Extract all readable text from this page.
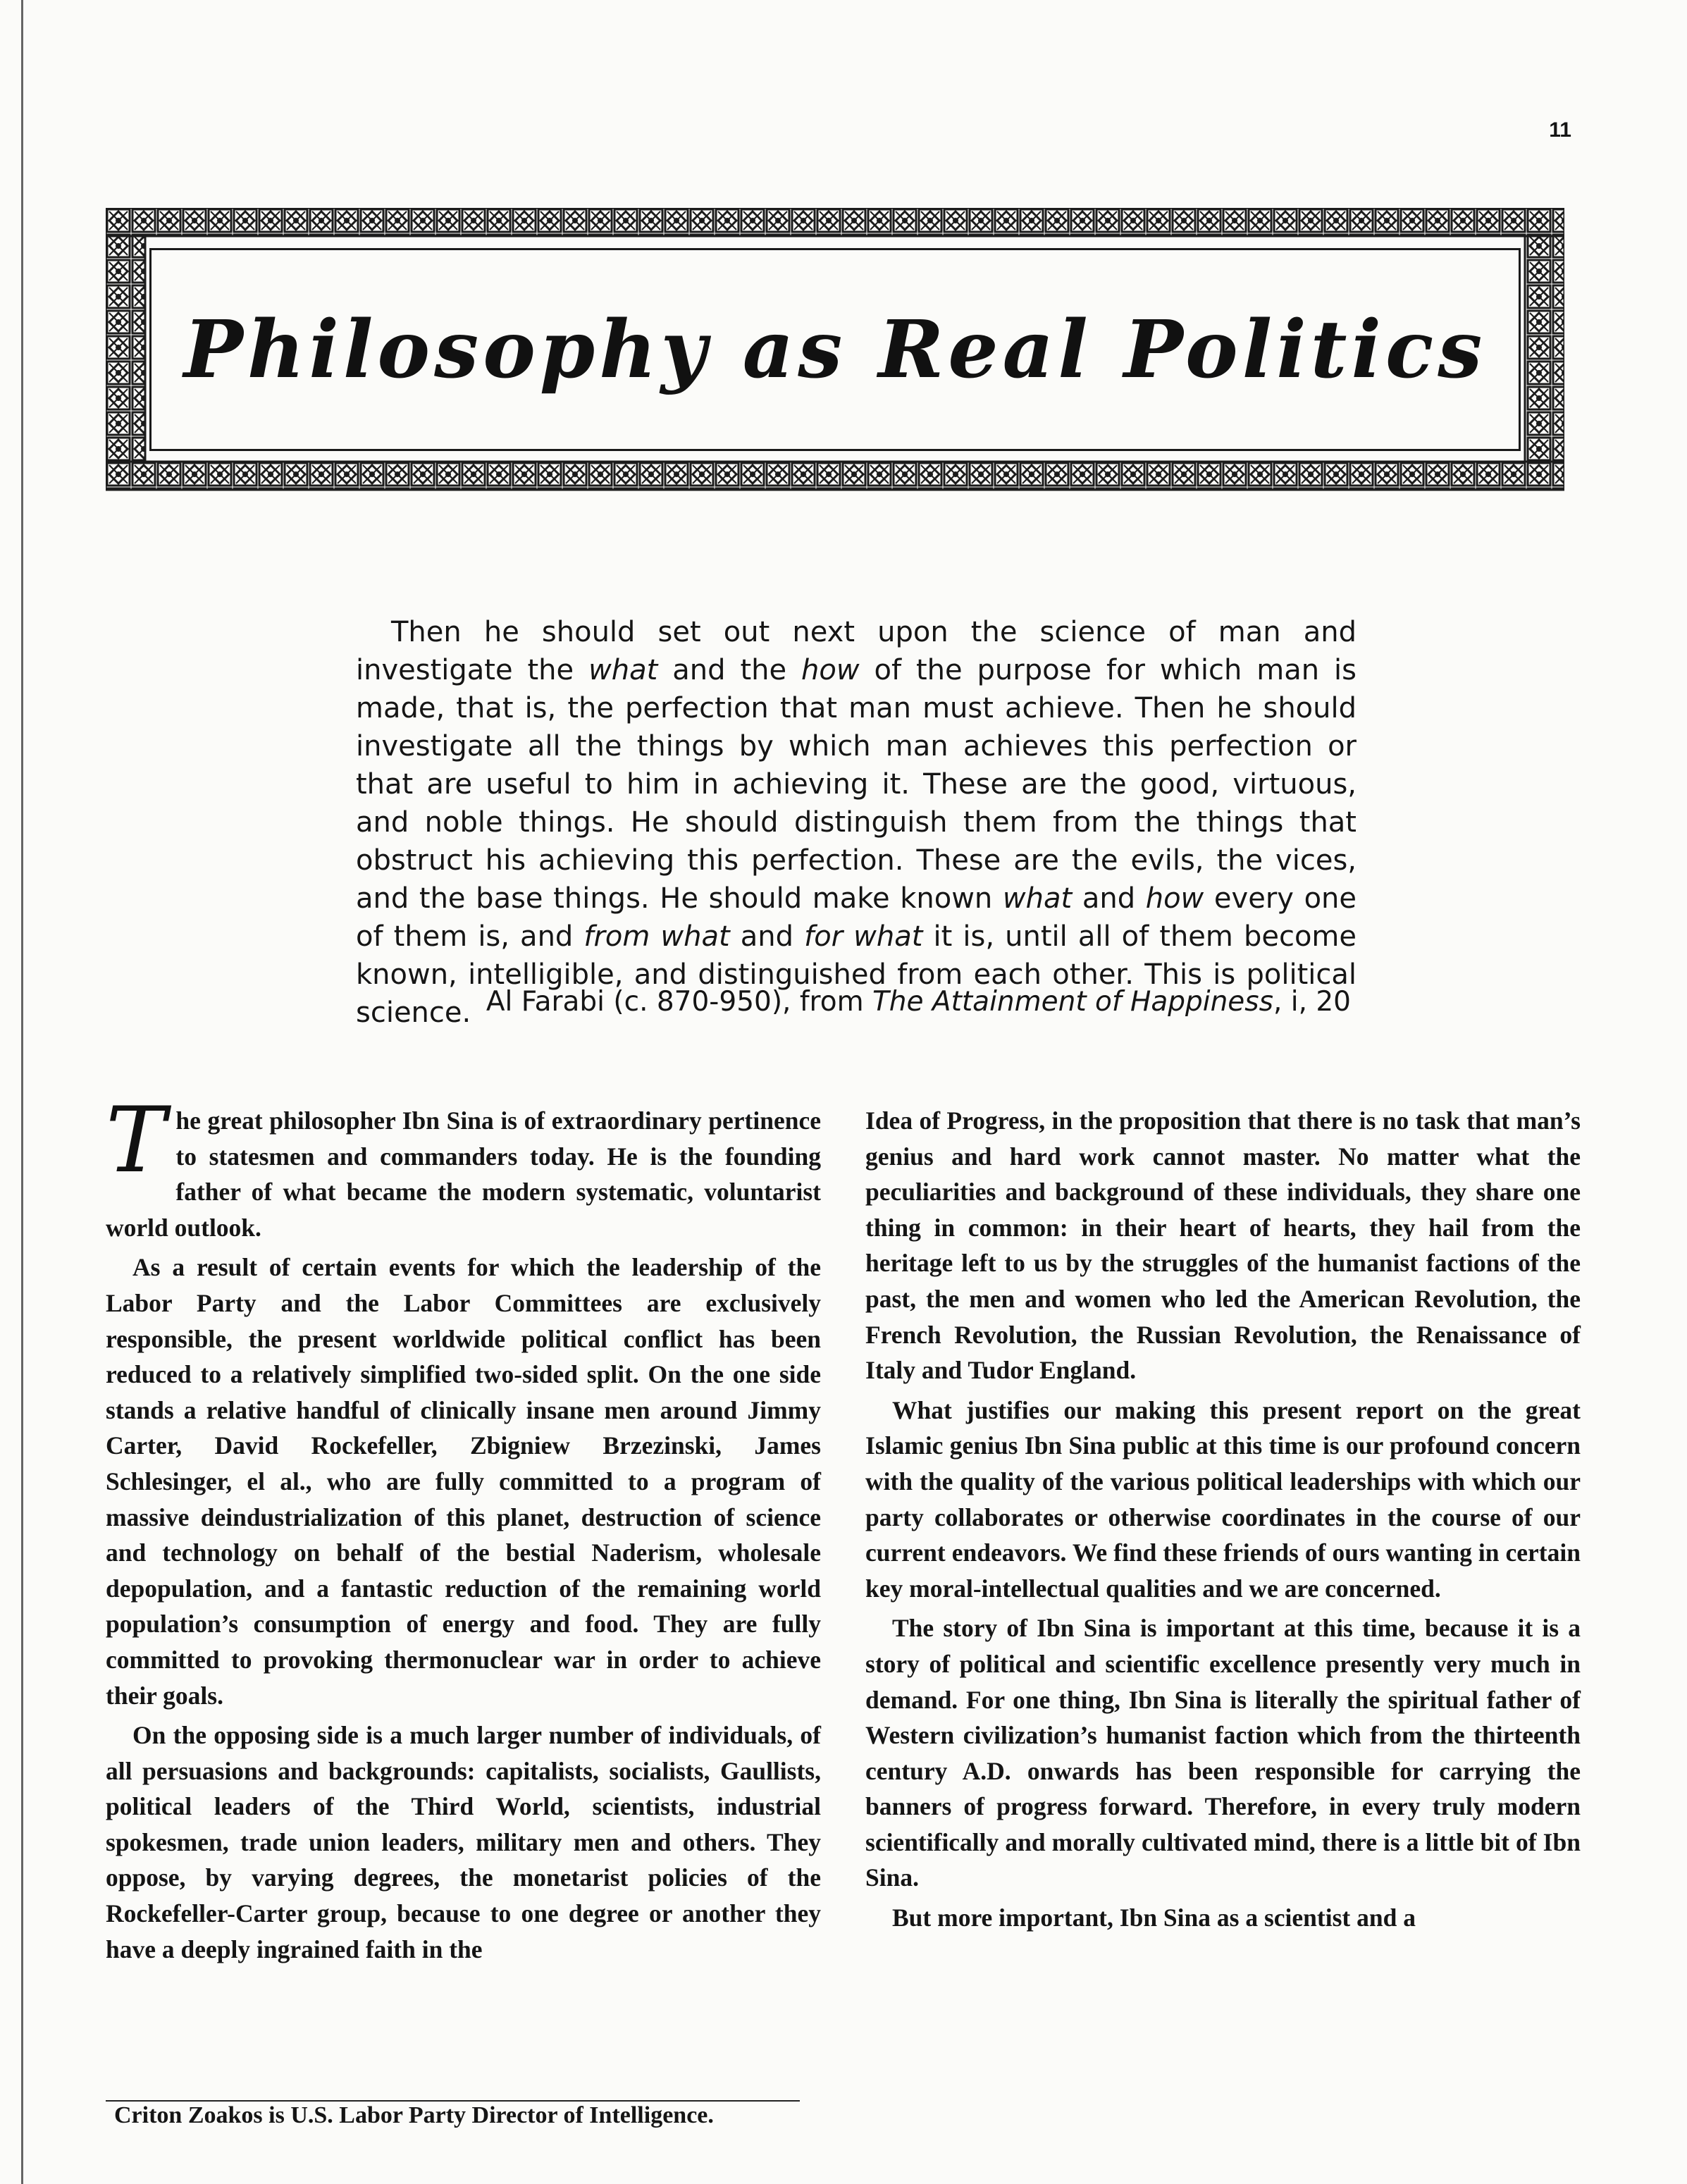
11
Philosophy as Real Politics

Then he should set out next upon the science of man and investigate the what and the how of the purpose for which man is made, that is, the perfection that man must achieve. Then he should investigate all the things by which man achieves this perfection or that are useful to him in achieving it. These are the good, virtuous, and noble things. He should distinguish them from the things that obstruct his achieving this perfection. These are the evils, the vices, and the base things. He should make known what and how every one of them is, and from what and for what it is, until all of them become known, intelligible, and distinguished from each other. This is political science. Al Farabi (c. 870-950), from The Attainment of Happiness, i, 20

The great philosopher Ibn Sina is of extraordinary pertinence to statesmen and commanders today. He is the founding father of what became the modern systematic, voluntarist world outlook.

As a result of certain events for which the leadership of the Labor Party and the Labor Committees are exclusively responsible, the present worldwide political conflict has been reduced to a relatively simplified two-sided split. On the one side stands a relative handful of clinically insane men around Jimmy Carter, David Rockefeller, Zbigniew Brzezinski, James Schlesinger, el al., who are fully committed to a program of massive deindustrialization of this planet, destruction of science and technology on behalf of the bestial Naderism, wholesale depopulation, and a fantastic reduction of the remaining world population’s consumption of energy and food. They are fully committed to provoking thermonuclear war in order to achieve their goals.

On the opposing side is a much larger number of individuals, of all persuasions and backgrounds: capitalists, socialists, Gaullists, political leaders of the Third World, scientists, industrial spokesmen, trade union leaders, military men and others. They oppose, by varying degrees, the monetarist policies of the Rockefeller-Carter group, because to one degree or another they have a deeply ingrained faith in the

Idea of Progress, in the proposition that there is no task that man’s genius and hard work cannot master. No matter what the peculiarities and background of these individuals, they share one thing in common: in their heart of hearts, they hail from the heritage left to us by the struggles of the humanist factions of the past, the men and women who led the American Revolution, the French Revolution, the Russian Revolution, the Renaissance of Italy and Tudor England.

What justifies our making this present report on the great Islamic genius Ibn Sina public at this time is our profound concern with the quality of the various political leaderships with which our party collaborates or otherwise coordinates in the course of our current endeavors. We find these friends of ours wanting in certain key moral-intellectual qualities and we are concerned.

The story of Ibn Sina is important at this time, because it is a story of political and scientific excellence presently very much in demand. For one thing, Ibn Sina is literally the spiritual father of Western civilization’s humanist faction which from the thirteenth century A.D. onwards has been responsible for carrying the banners of progress forward. Therefore, in every truly modern scientifically and morally cultivated mind, there is a little bit of Ibn Sina.

But more important, Ibn Sina as a scientist and a

Criton Zoakos is U.S. Labor Party Director of Intelligence.
